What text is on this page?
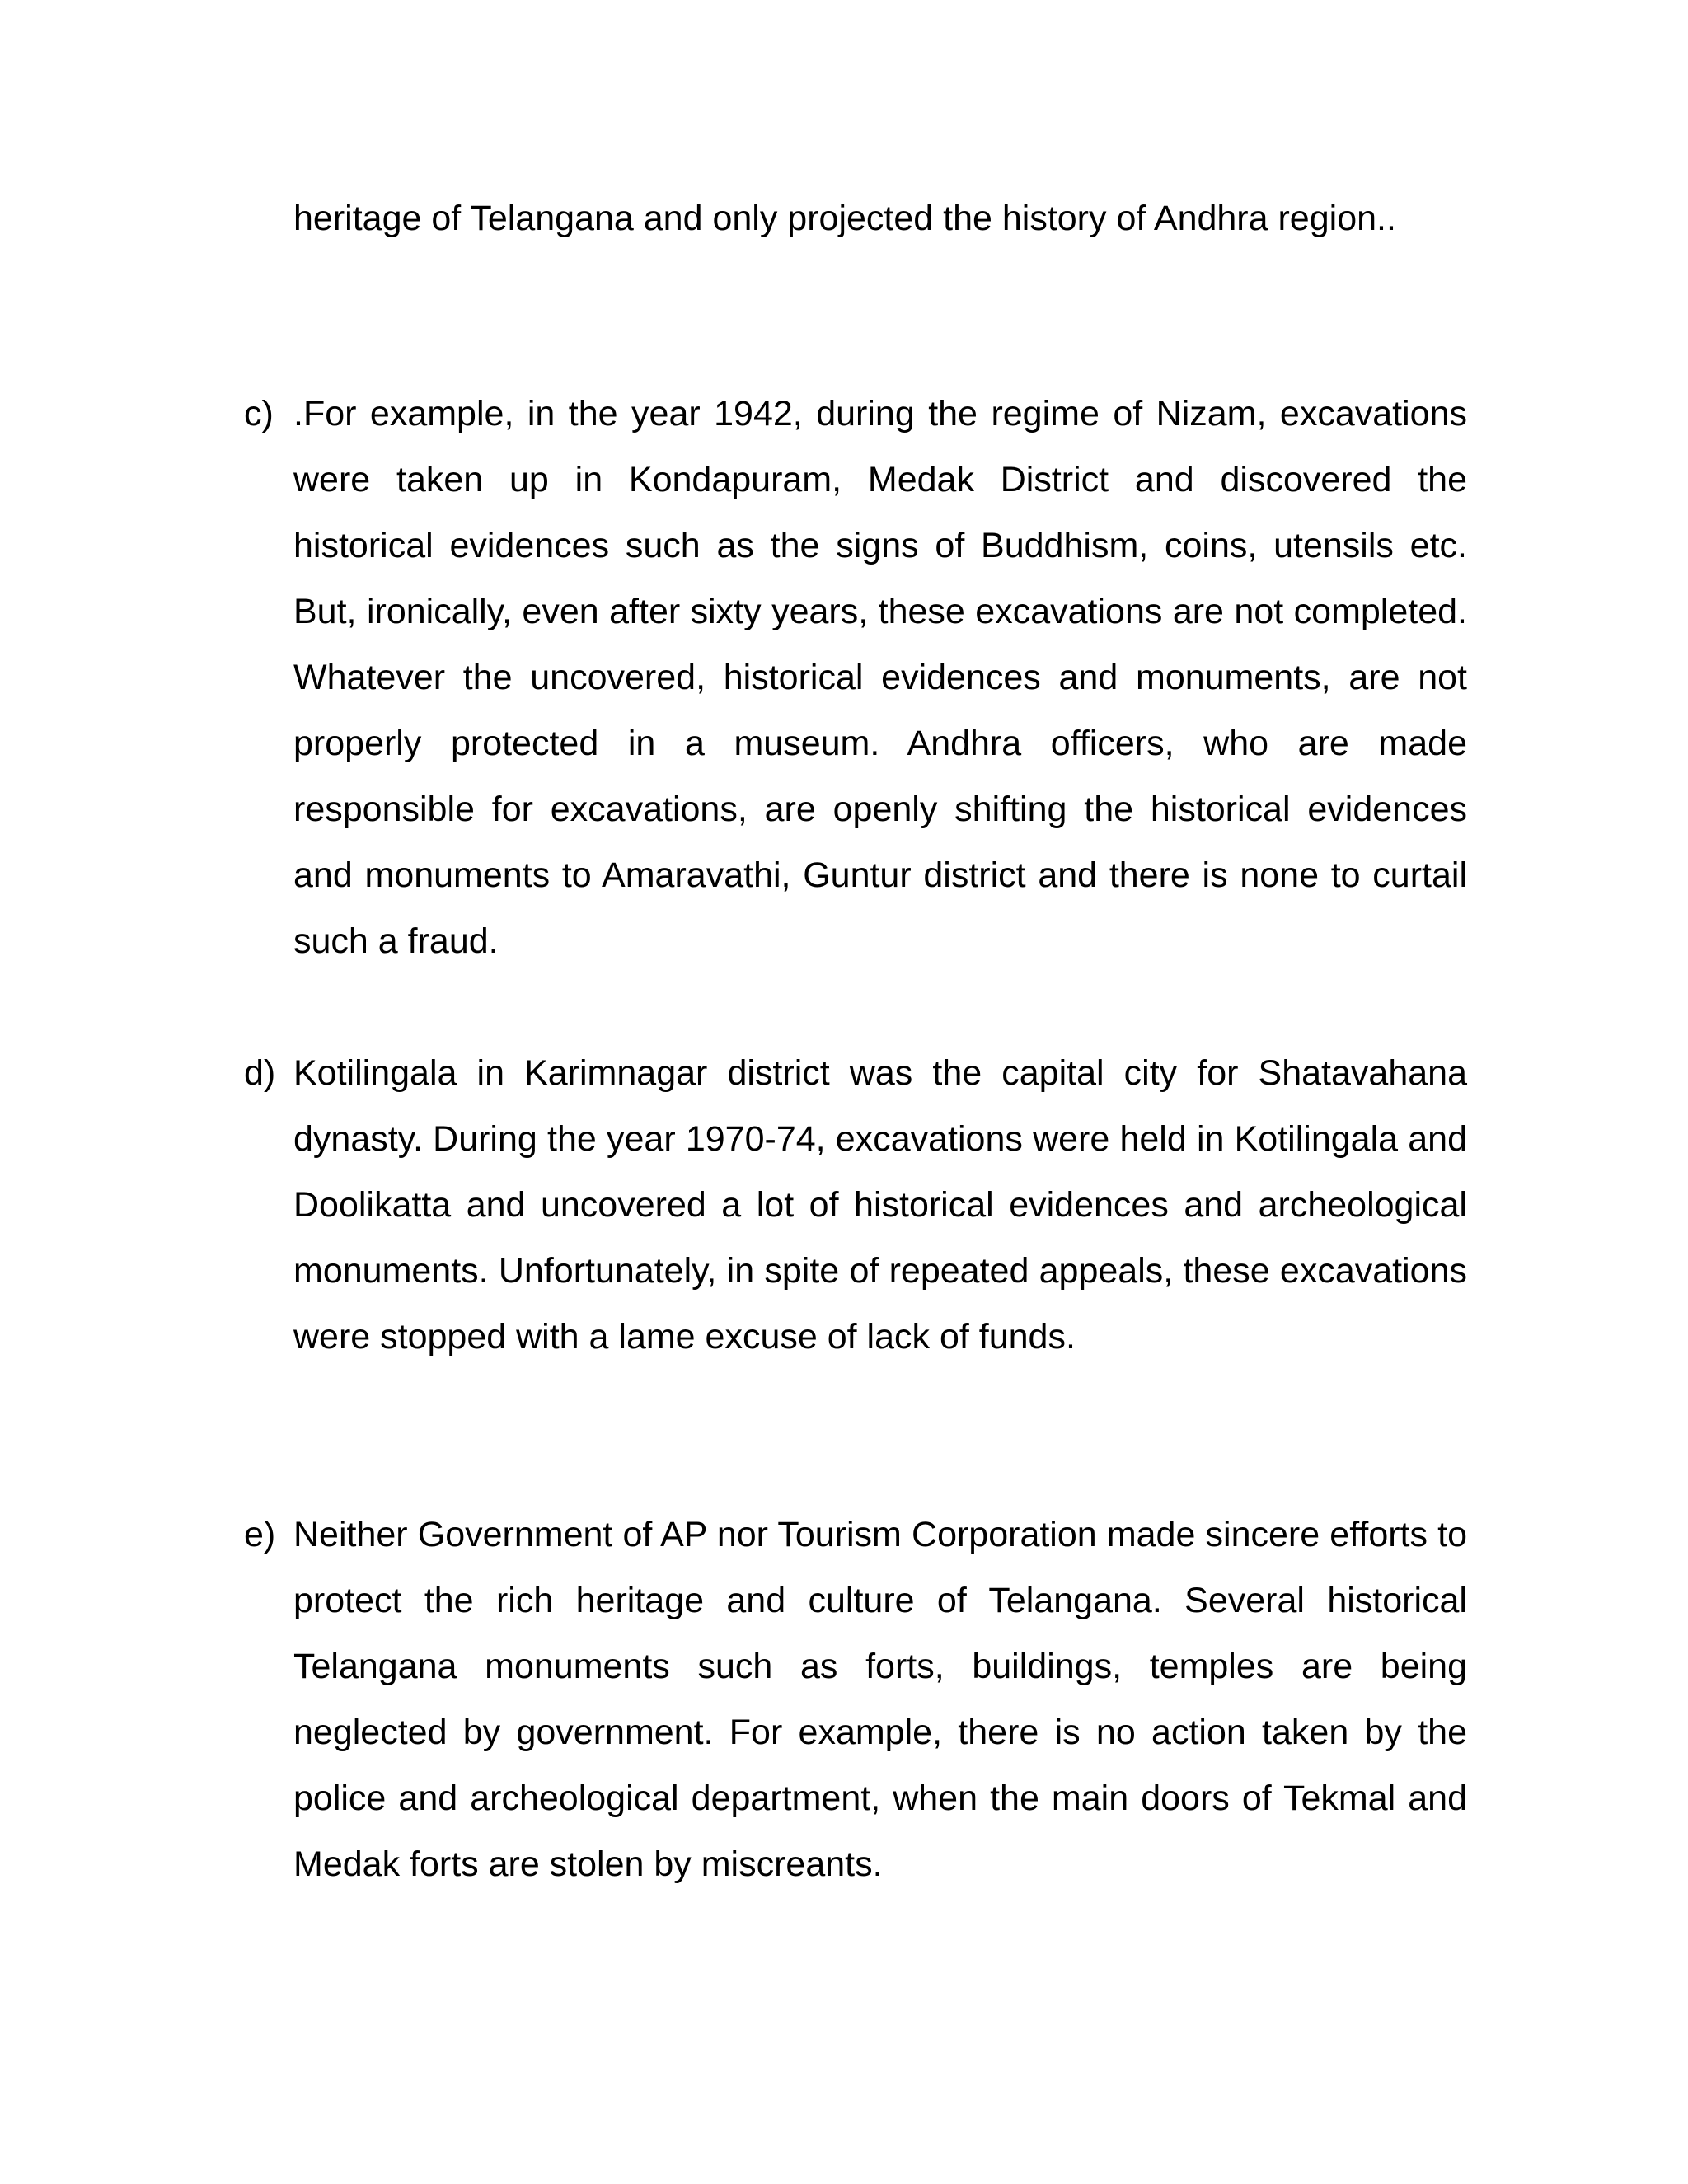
heritage of Telangana and only projected the history of Andhra region..

c) .For example, in the year 1942, during the regime of Nizam, excavations were taken up in Kondapuram, Medak District and discovered the historical evidences such as the signs of Buddhism, coins, utensils etc. But, ironically, even after sixty years, these excavations are not completed. Whatever the uncovered, historical evidences and monuments, are not properly protected in a museum. Andhra officers, who are made responsible for excavations, are openly shifting the historical evidences and monuments to Amaravathi, Guntur district and there is none to curtail such a fraud.

d) Kotilingala in Karimnagar district was the capital city for Shatavahana dynasty. During the year 1970-74, excavations were held in Kotilingala and Doolikatta and uncovered a lot of historical evidences and archeological monuments. Unfortunately, in spite of repeated appeals, these excavations were stopped with a lame excuse of lack of funds.

e) Neither Government of AP nor Tourism Corporation made sincere efforts to protect the rich heritage and culture of Telangana. Several historical Telangana monuments such as forts, buildings, temples are being neglected by government. For example, there is no action taken by the police and archeological department, when the main doors of Tekmal and Medak forts are stolen by miscreants.
